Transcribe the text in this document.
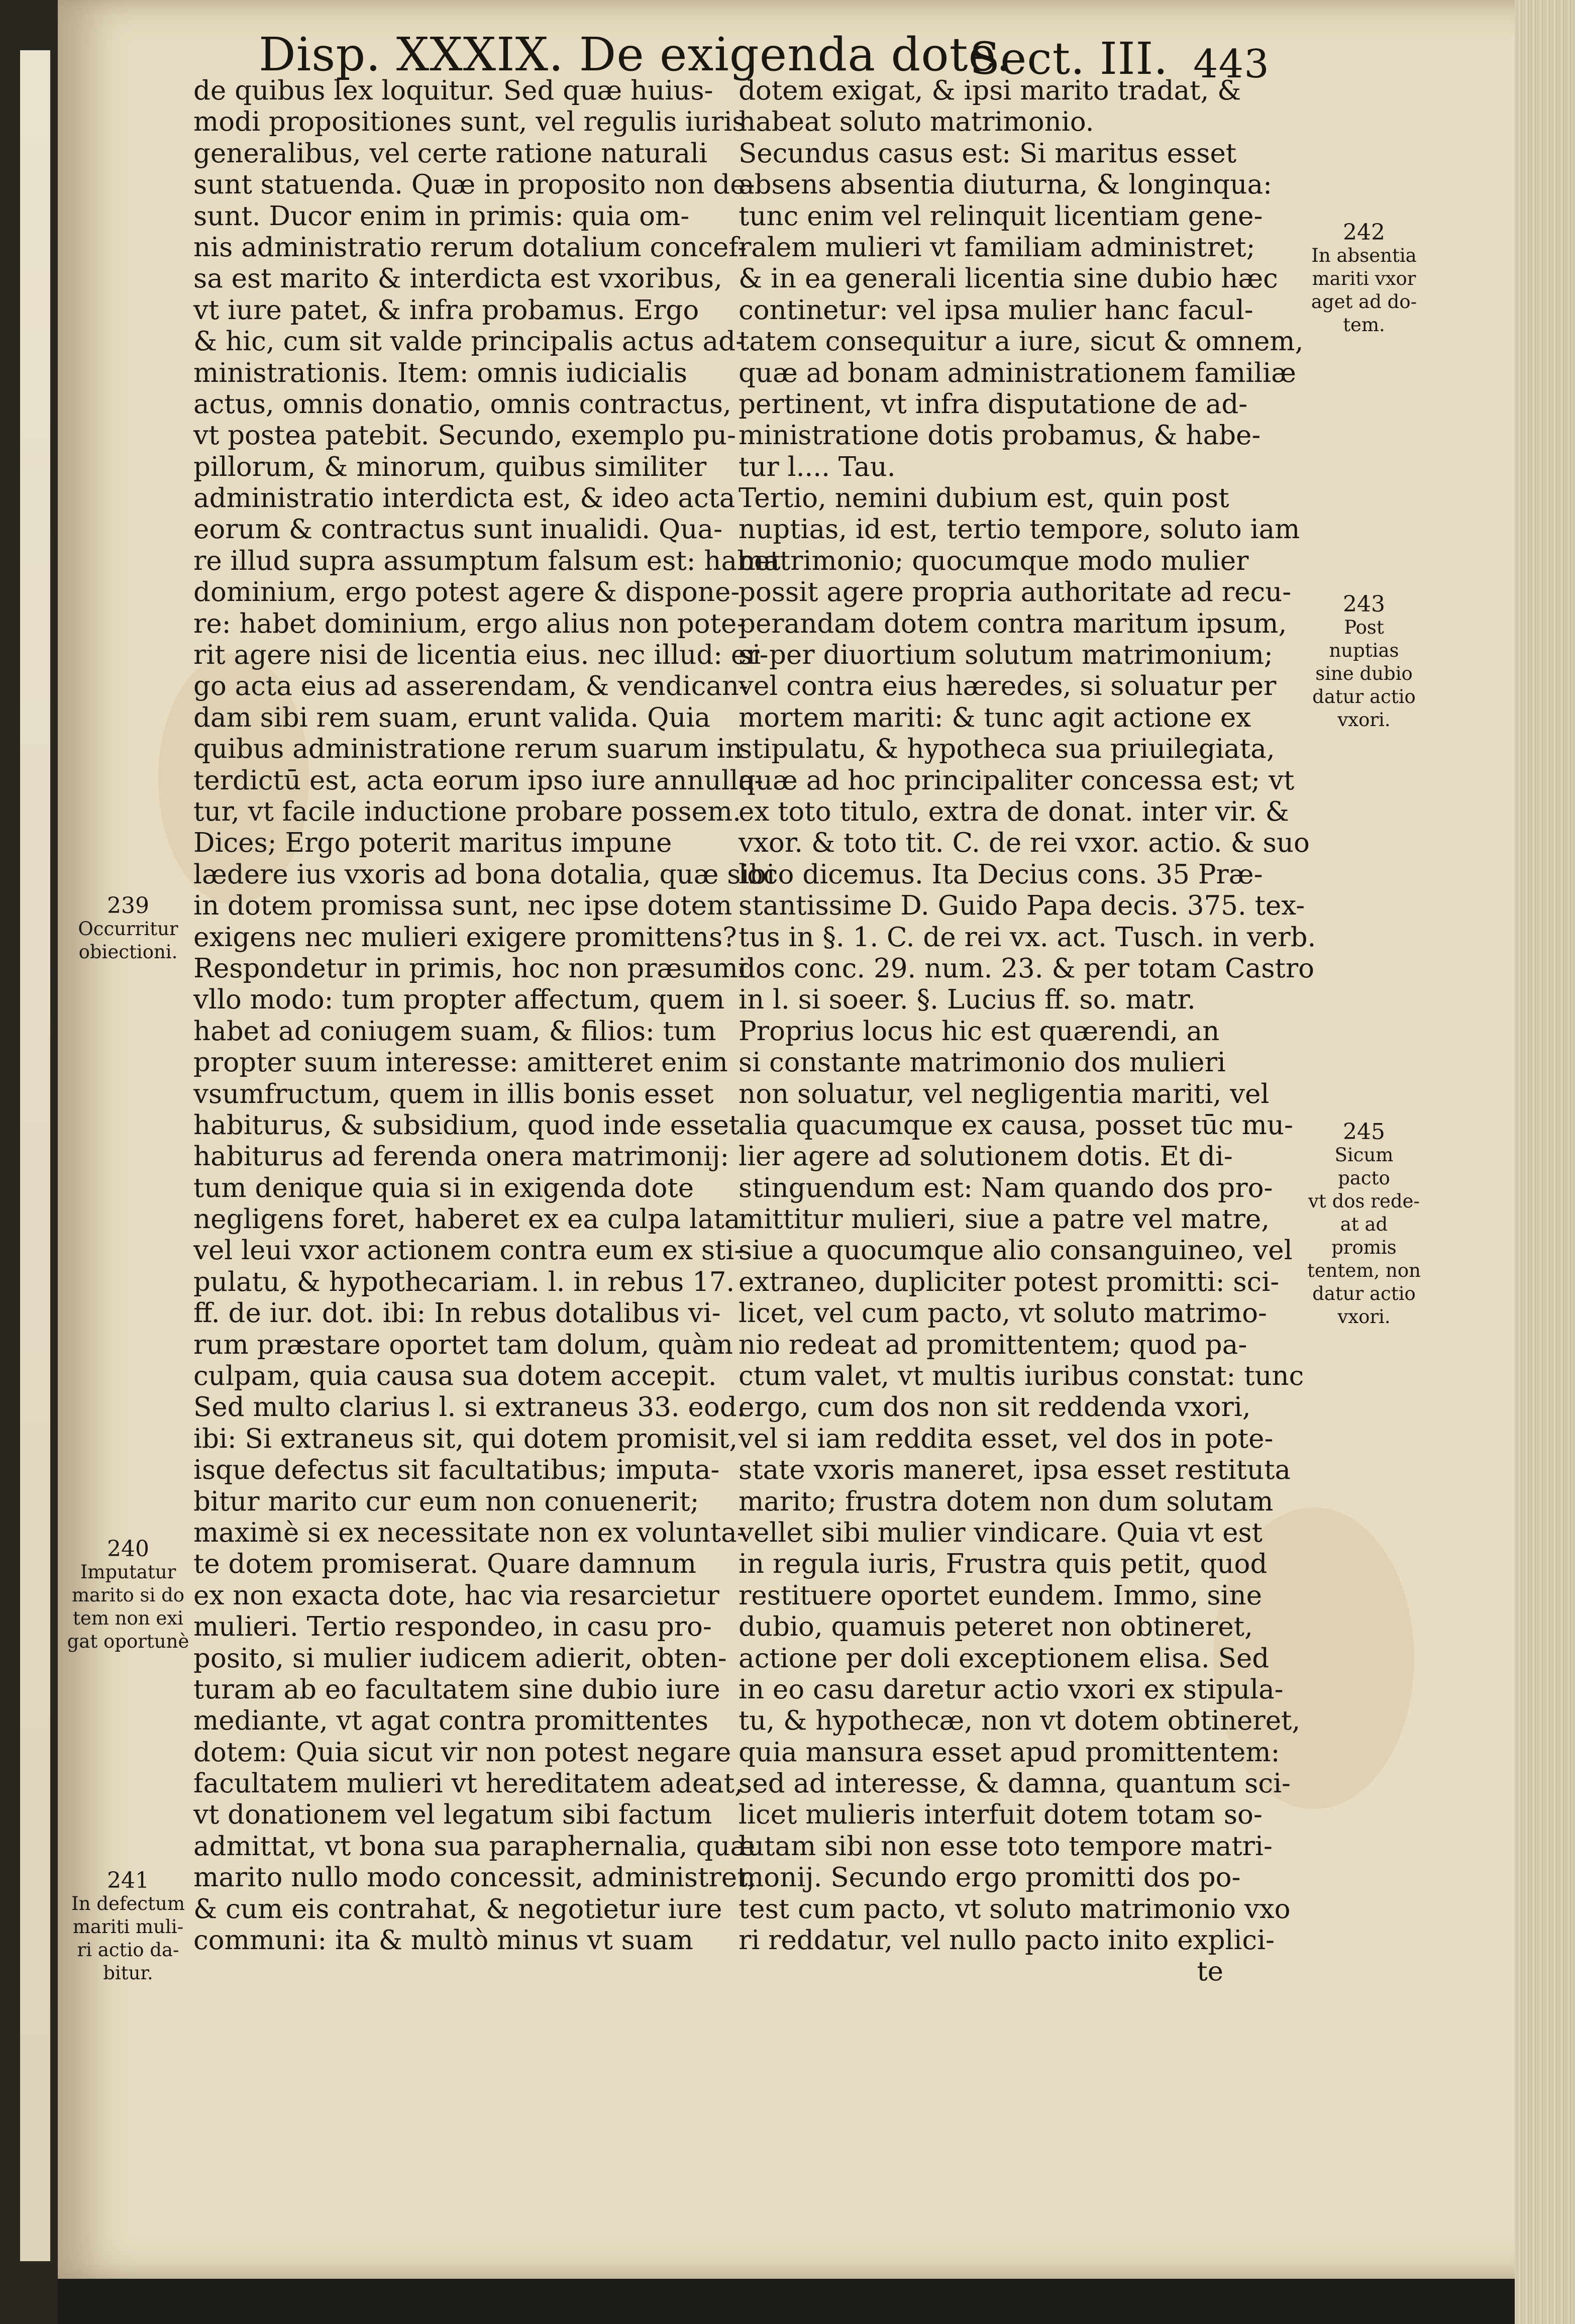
Disp. XXXIX. De exigenda dote.
Sect. III. 443
de quibus lex loquitur. Sed quæ huius-
modi propositiones sunt, vel regulis iuris
generalibus, vel certe ratione naturali
sunt statuenda. Quæ in proposito non de-
sunt. Ducor enim in primis: quia om-
nis administratio rerum dotalium concef-
sa est marito & interdicta est vxoribus,
vt iure patet, & infra probamus. Ergo
& hic, cum sit valde principalis actus ad-
ministrationis. Item: omnis iudicialis
actus, omnis donatio, omnis contractus,
vt postea patebit. Secundo, exemplo pu-
pillorum, & minorum, quibus similiter
administratio interdicta est, & ideo acta
eorum & contractus sunt inualidi. Qua-
re illud supra assumptum falsum est: habet
dominium, ergo potest agere & dispone-
re: habet dominium, ergo alius non pote-
rit agere nisi de licentia eius. nec illud: er-
go acta eius ad asserendam, & vendican-
dam sibi rem suam, erunt valida. Quia
quibus administratione rerum suarum in
terdictū est, acta eorum ipso iure annulla-
tur, vt facile inductione probare possem.
Dices; Ergo poterit maritus impune
lædere ius vxoris ad bona dotalia, quæ sibi
in dotem promissa sunt, nec ipse dotem
exigens nec mulieri exigere promittens?
Respondetur in primis, hoc non præsumi
vllo modo: tum propter affectum, quem
habet ad coniugem suam, & filios: tum
propter suum interesse: amitteret enim
vsumfructum, quem in illis bonis esset
habiturus, & subsidium, quod inde esset
habiturus ad ferenda onera matrimonij:
tum denique quia si in exigenda dote
negligens foret, haberet ex ea culpa lata
vel leui vxor actionem contra eum ex sti-
pulatu, & hypothecariam. l. in rebus 17.
ff. de iur. dot. ibi: In rebus dotalibus vi-
rum præstare oportet tam dolum, quàm
culpam, quia causa sua dotem accepit.
Sed multo clarius l. si extraneus 33. eod.
ibi: Si extraneus sit, qui dotem promisit,
isque defectus sit facultatibus; imputa-
bitur marito cur eum non conuenerit;
maximè si ex necessitate non ex volunta-
te dotem promiserat. Quare damnum
ex non exacta dote, hac via resarcietur
mulieri. Tertio respondeo, in casu pro-
posito, si mulier iudicem adierit, obten-
turam ab eo facultatem sine dubio iure
mediante, vt agat contra promittentes
dotem: Quia sicut vir non potest negare
facultatem mulieri vt hereditatem adeat,
vt donationem vel legatum sibi factum
admittat, vt bona sua paraphernalia, quæ
marito nullo modo concessit, administret,
& cum eis contrahat, & negotietur iure
communi: ita & multò minus vt suam
dotem exigat, & ipsi marito tradat, &
habeat soluto matrimonio.
Secundus casus est: Si maritus esset
absens absentia diuturna, & longinqua:
tunc enim vel relinquit licentiam gene-
ralem mulieri vt familiam administret;
& in ea generali licentia sine dubio hæc
continetur: vel ipsa mulier hanc facul-
tatem consequitur a iure, sicut & omnem,
quæ ad bonam administrationem familiæ
pertinent, vt infra disputatione de ad-
ministratione dotis probamus, & habe-
tur l.... Tau.
Tertio, nemini dubium est, quin post
nuptias, id est, tertio tempore, soluto iam
matrimonio; quocumque modo mulier
possit agere propria authoritate ad recu-
perandam dotem contra maritum ipsum,
si per diuortium solutum matrimonium;
vel contra eius hæredes, si soluatur per
mortem mariti: & tunc agit actione ex
stipulatu, & hypotheca sua priuilegiata,
quæ ad hoc principaliter concessa est; vt
ex toto titulo, extra de donat. inter vir. &
vxor. & toto tit. C. de rei vxor. actio. & suo
loco dicemus. Ita Decius cons. 35 Præ-
stantissime D. Guido Papa decis. 375. tex-
tus in §. 1. C. de rei vx. act. Tusch. in verb.
dos conc. 29. num. 23. & per totam Castro
in l. si soeer. §. Lucius ff. so. matr.
Proprius locus hic est quærendi, an
si constante matrimonio dos mulieri
non soluatur, vel negligentia mariti, vel
alia quacumque ex causa, posset tūc mu-
lier agere ad solutionem dotis. Et di-
stinguendum est: Nam quando dos pro-
mittitur mulieri, siue a patre vel matre,
siue a quocumque alio consanguineo, vel
extraneo, dupliciter potest promitti: sci-
licet, vel cum pacto, vt soluto matrimo-
nio redeat ad promittentem; quod pa-
ctum valet, vt multis iuribus constat: tunc
ergo, cum dos non sit reddenda vxori,
vel si iam reddita esset, vel dos in pote-
state vxoris maneret, ipsa esset restituta
marito; frustra dotem non dum solutam
vellet sibi mulier vindicare. Quia vt est
in regula iuris, Frustra quis petit, quod
restituere oportet eundem. Immo, sine
dubio, quamuis peteret non obtineret,
actione per doli exceptionem elisa. Sed
in eo casu daretur actio vxori ex stipula-
tu, & hypothecæ, non vt dotem obtineret,
quia mansura esset apud promittentem:
sed ad interesse, & damna, quantum sci-
licet mulieris interfuit dotem totam so-
lutam sibi non esse toto tempore matri-
monij. Secundo ergo promitti dos po-
test cum pacto, vt soluto matrimonio vxo
ri reddatur, vel nullo pacto inito explici-
te
242
In absentia
mariti vxor
aget ad do-
tem.
243
Post nuptias
sine dubio
datur actio
vxori.
245
Sicum pacto
vt dos rede-
at ad promis
tentem, non
datur actio
vxori.
239
Occurritur
obiectioni.
240
Imputatur
marito si do
tem non exi
gat oportunè
241
In defectum
mariti muli-
ri actio da-
bitur.
